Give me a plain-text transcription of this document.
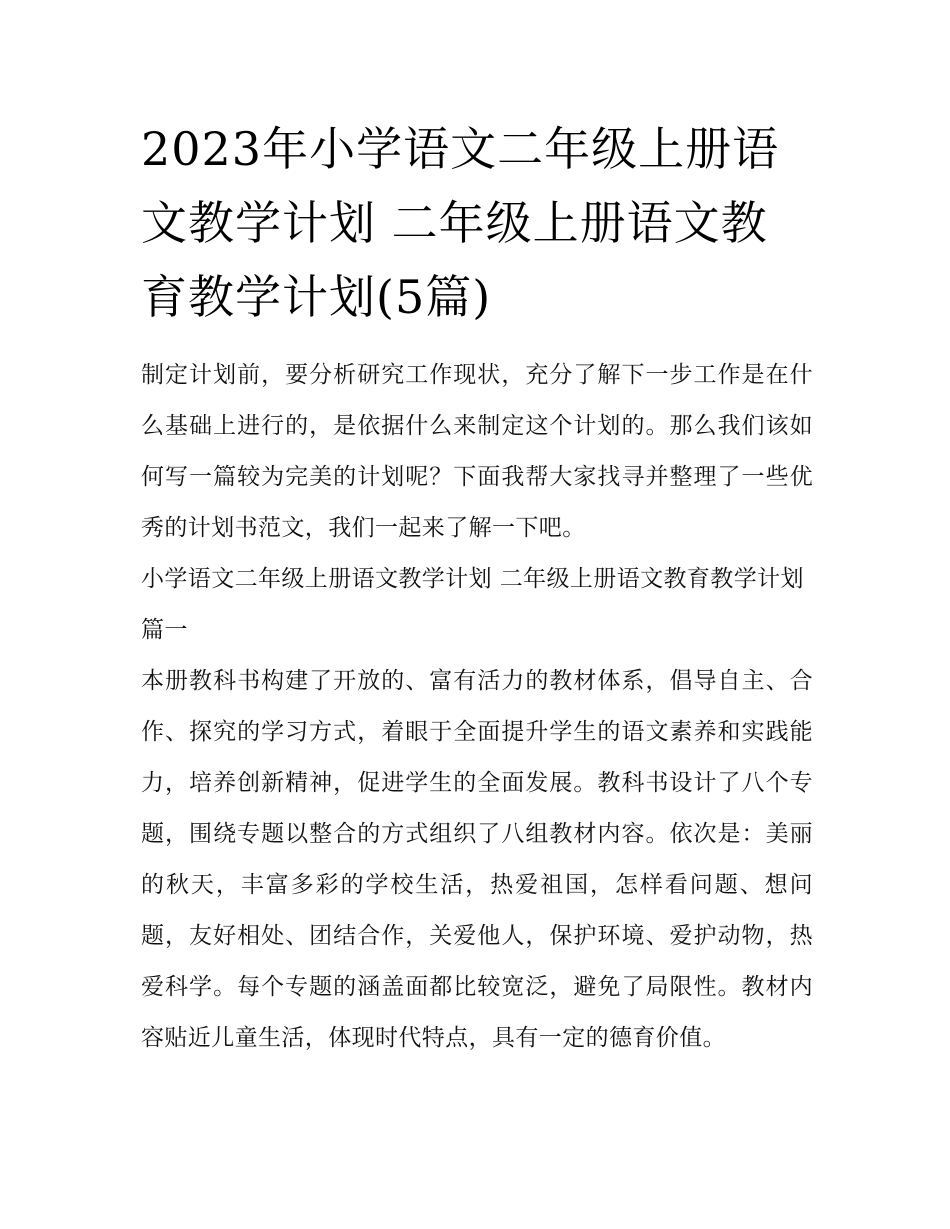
2023年小学语文二年级上册语文教学计划 二年级上册语文教育教学计划(5篇)

制定计划前，要分析研究工作现状，充分了解下一步工作是在什么基础上进行的，是依据什么来制定这个计划的。那么我们该如何写一篇较为完美的计划呢？下面我帮大家找寻并整理了一些优秀的计划书范文，我们一起来了解一下吧。

小学语文二年级上册语文教学计划 二年级上册语文教育教学计划篇一

本册教科书构建了开放的、富有活力的教材体系，倡导自主、合作、探究的学习方式，着眼于全面提升学生的语文素养和实践能力，培养创新精神，促进学生的全面发展。教科书设计了八个专题，围绕专题以整合的方式组织了八组教材内容。依次是：美丽的秋天，丰富多彩的学校生活，热爱祖国，怎样看问题、想问题，友好相处、团结合作，关爱他人，保护环境、爱护动物，热爱科学。每个专题的涵盖面都比较宽泛，避免了局限性。教材内容贴近儿童生活，体现时代特点，具有一定的德育价值。
